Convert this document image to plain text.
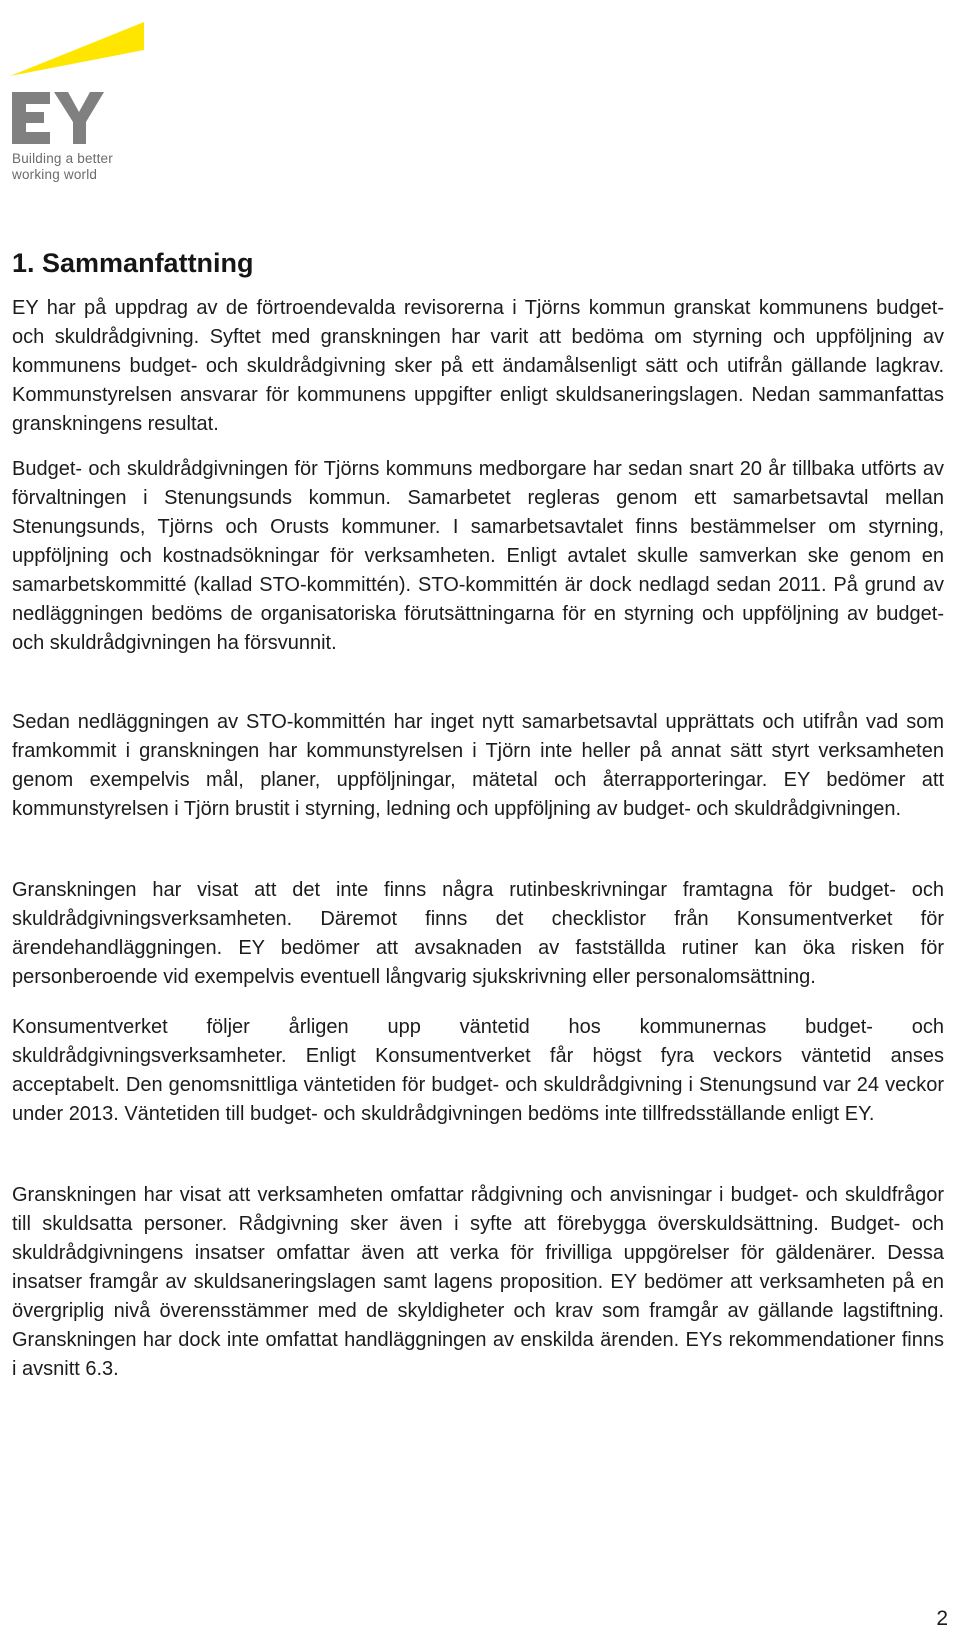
Building a better
working world
1. Sammanfattning

EY har på uppdrag av de förtroendevalda revisorerna i Tjörns kommun granskat kommunens budget- och skuldrådgivning. Syftet med granskningen har varit att bedöma om styrning och uppföljning av kommunens budget- och skuldrådgivning sker på ett ändamålsenligt sätt och utifrån gällande lagkrav. Kommunstyrelsen ansvarar för kommunens uppgifter enligt skuldsaneringslagen. Nedan sammanfattas granskningens resultat.

Budget- och skuldrådgivningen för Tjörns kommuns medborgare har sedan snart 20 år tillbaka utförts av förvaltningen i Stenungsunds kommun. Samarbetet regleras genom ett samarbetsavtal mellan Stenungsunds, Tjörns och Orusts kommuner. I samarbetsavtalet finns bestämmelser om styrning, uppföljning och kostnadsökningar för verksamheten. Enligt avtalet skulle samverkan ske genom en samarbetskommitté (kallad STO-kommittén). STO-kommittén är dock nedlagd sedan 2011. På grund av nedläggningen bedöms de organisatoriska förutsättningarna för en styrning och uppföljning av budget- och skuldrådgivningen ha försvunnit.

Sedan nedläggningen av STO-kommittén har inget nytt samarbetsavtal upprättats och utifrån vad som framkommit i granskningen har kommunstyrelsen i Tjörn inte heller på annat sätt styrt verksamheten genom exempelvis mål, planer, uppföljningar, mätetal och återrapporteringar. EY bedömer att kommunstyrelsen i Tjörn brustit i styrning, ledning och uppföljning av budget- och skuldrådgivningen.

Granskningen har visat att det inte finns några rutinbeskrivningar framtagna för budget- och skuldrådgivningsverksamheten. Däremot finns det checklistor från Konsumentverket för ärendehandläggningen. EY bedömer att avsaknaden av fastställda rutiner kan öka risken för personberoende vid exempelvis eventuell långvarig sjukskrivning eller personalomsättning.

Konsumentverket följer årligen upp väntetid hos kommunernas budget- och skuldrådgivningsverksamheter. Enligt Konsumentverket får högst fyra veckors väntetid anses acceptabelt. Den genomsnittliga väntetiden för budget- och skuldrådgivning i Stenungsund var 24 veckor under 2013. Väntetiden till budget- och skuldrådgivningen bedöms inte tillfredsställande enligt EY.

Granskningen har visat att verksamheten omfattar rådgivning och anvisningar i budget- och skuldfrågor till skuldsatta personer. Rådgivning sker även i syfte att förebygga överskuldsättning. Budget- och skuldrådgivningens insatser omfattar även att verka för frivilliga uppgörelser för gäldenärer. Dessa insatser framgår av skuldsaneringslagen samt lagens proposition. EY bedömer att verksamheten på en övergriplig nivå överensstämmer med de skyldigheter och krav som framgår av gällande lagstiftning. Granskningen har dock inte omfattat handläggningen av enskilda ärenden. EYs rekommendationer finns i avsnitt 6.3.

2
